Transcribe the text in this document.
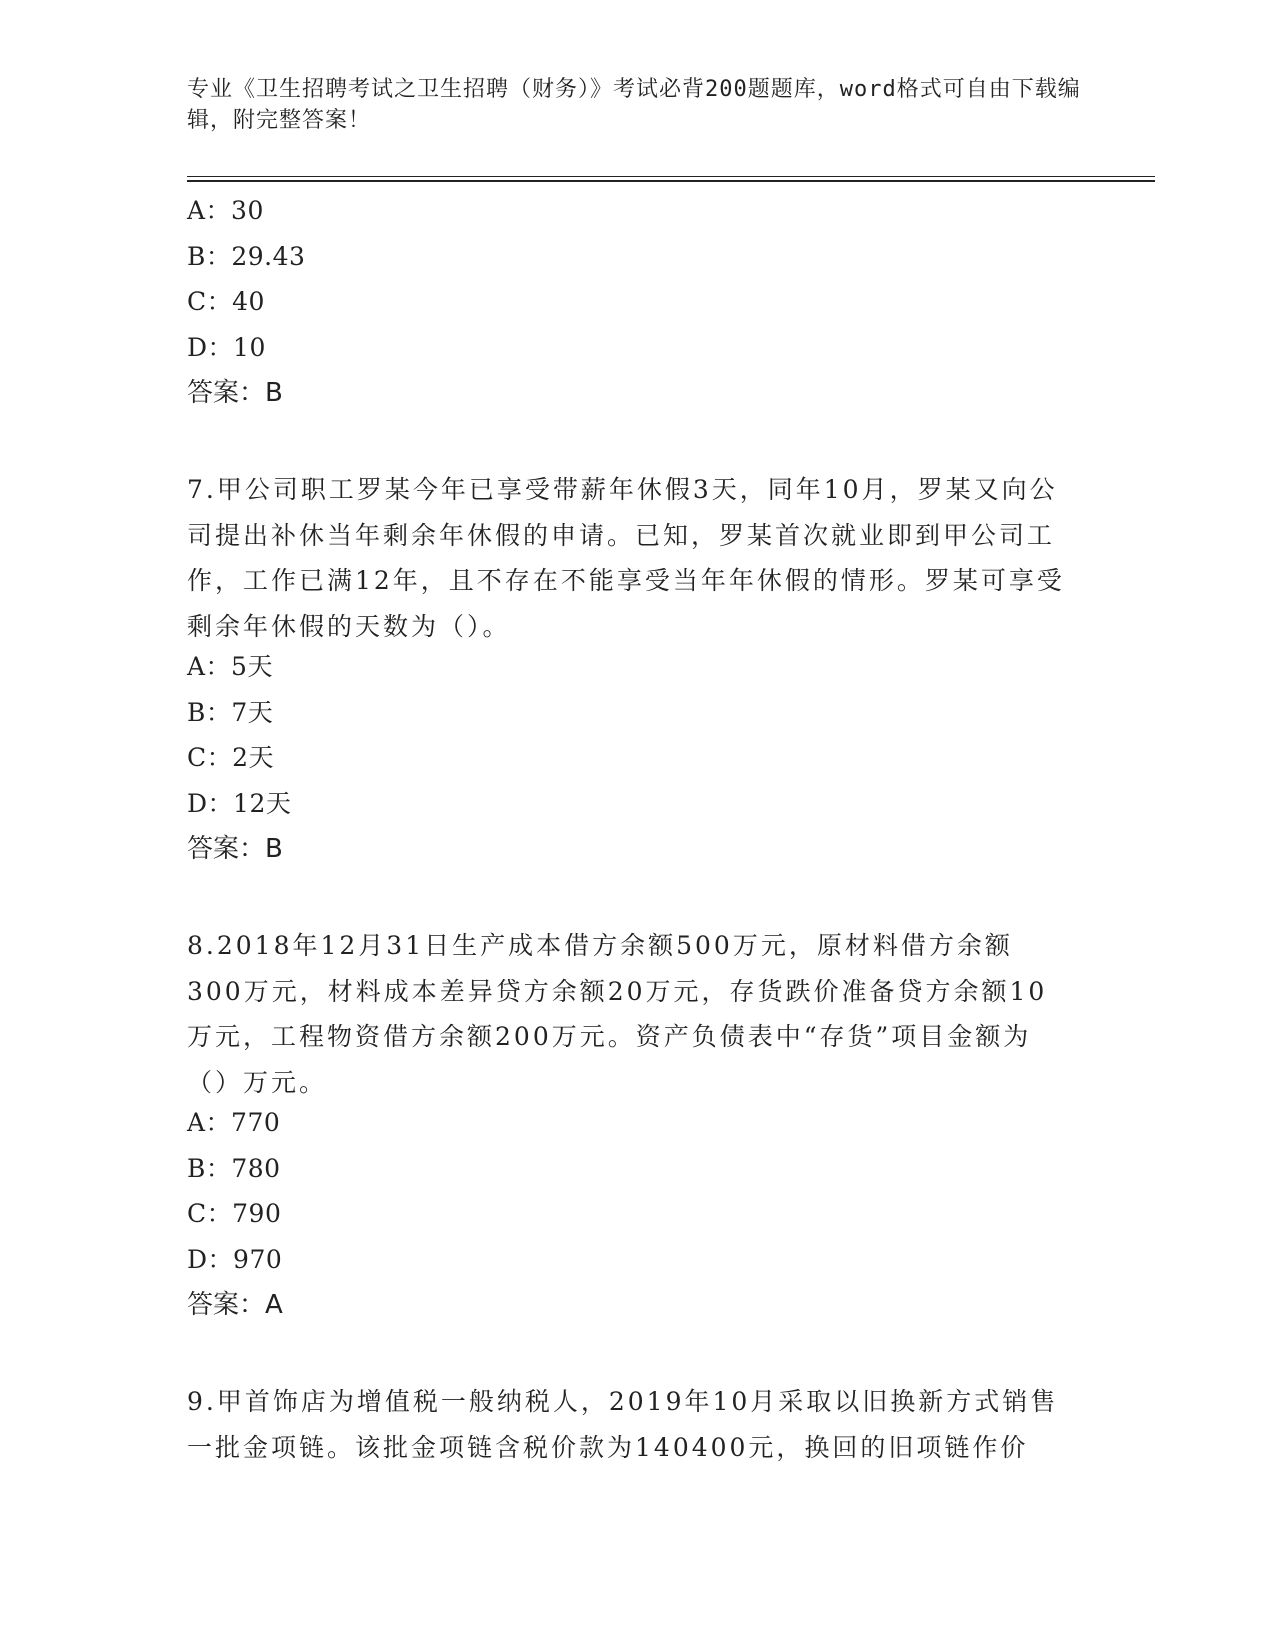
专业《卫生招聘考试之卫生招聘（财务）》考试必背200题题库，word格式可自由下载编辑，附完整答案！
A：30
B：29.43
C：40
D：10
答案：B
7.甲公司职工罗某今年已享受带薪年休假3天，同年10月，罗某又向公司提出补休当年剩余年休假的申请。已知，罗某首次就业即到甲公司工作，工作已满12年，且不存在不能享受当年年休假的情形。罗某可享受剩余年休假的天数为（）。
A：5天
B：7天
C：2天
D：12天
答案：B
8.2018年12月31日生产成本借方余额500万元，原材料借方余额300万元，材料成本差异贷方余额20万元，存货跌价准备贷方余额10万元，工程物资借方余额200万元。资产负债表中“存货”项目金额为（）万元。
A：770
B：780
C：790
D：970
答案：A
9.甲首饰店为增值税一般纳税人，2019年10月采取以旧换新方式销售一批金项链。该批金项链含税价款为140400元，换回的旧项链作价
